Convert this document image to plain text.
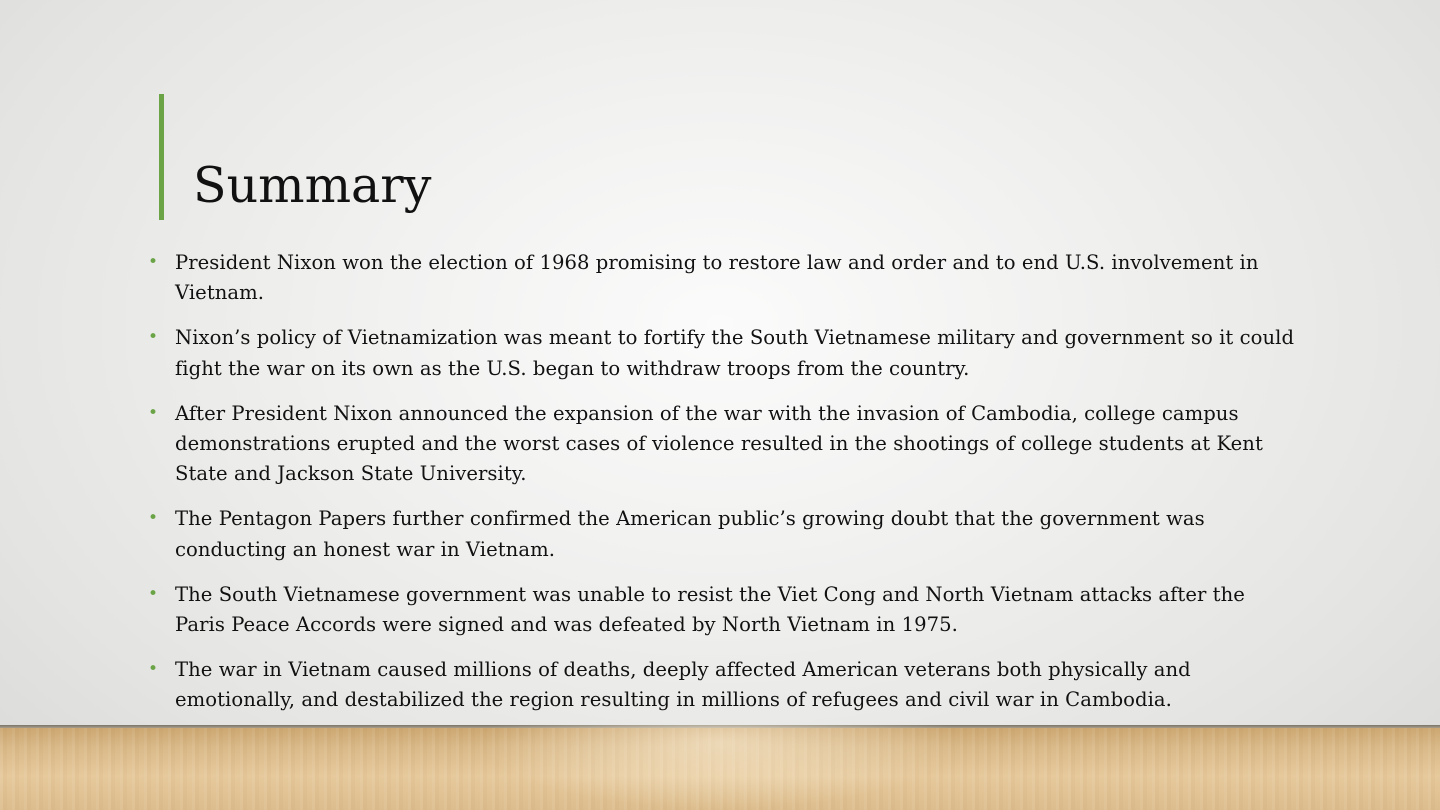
Summary
• President Nixon won the election of 1968 promising to restore law and order and to end U.S. involvement in Vietnam.
• Nixon’s policy of Vietnamization was meant to fortify the South Vietnamese military and government so it could fight the war on its own as the U.S. began to withdraw troops from the country.
• After President Nixon announced the expansion of the war with the invasion of Cambodia, college campus demonstrations erupted and the worst cases of violence resulted in the shootings of college students at Kent State and Jackson State University.
• The Pentagon Papers further confirmed the American public’s growing doubt that the government was conducting an honest war in Vietnam.
• The South Vietnamese government was unable to resist the Viet Cong and North Vietnam attacks after the Paris Peace Accords were signed and was defeated by North Vietnam in 1975.
• The war in Vietnam caused millions of deaths, deeply affected American veterans both physically and emotionally, and destabilized the region resulting in millions of refugees and civil war in Cambodia.
